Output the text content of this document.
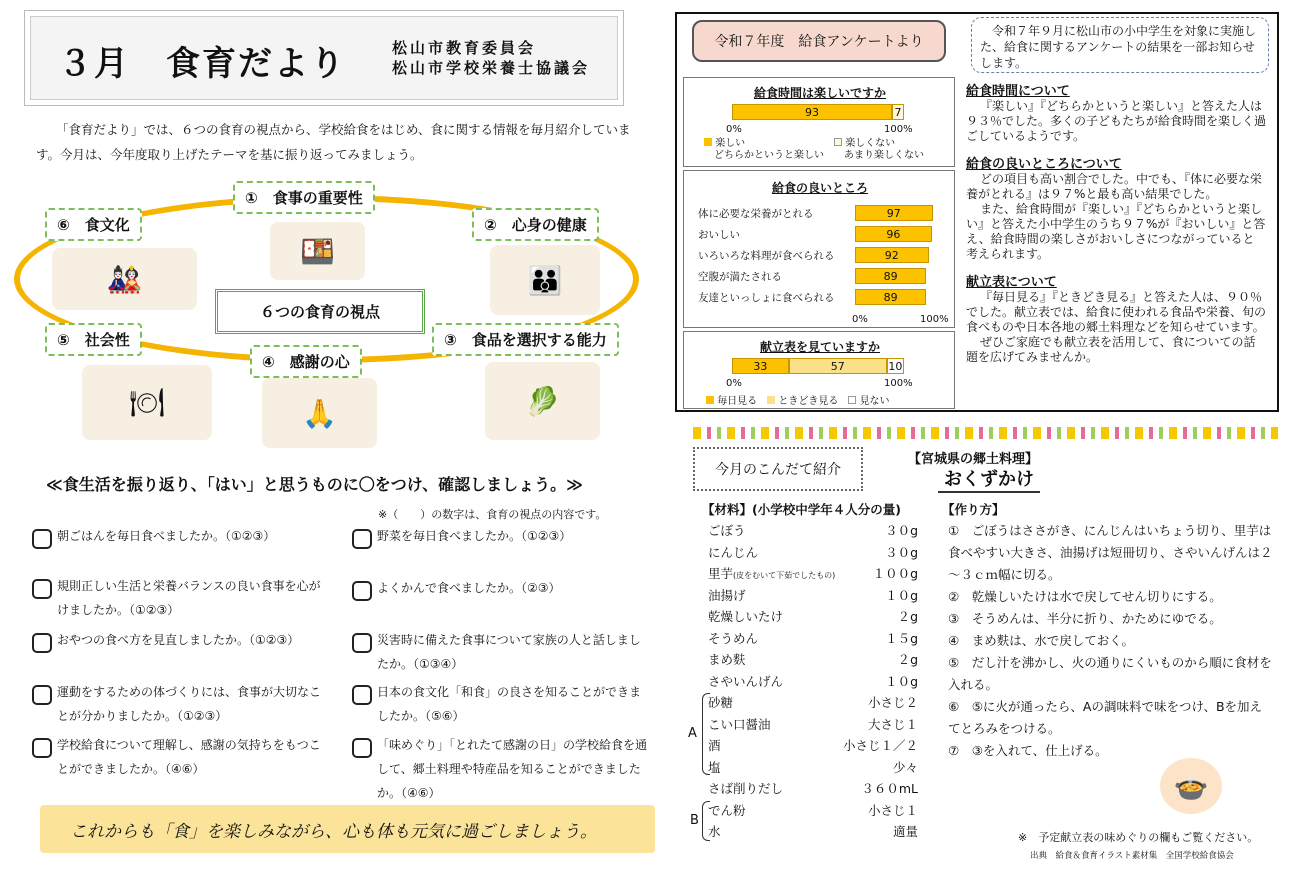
３月　食育だより	松山市教育委員会
松山市学校栄養士協議会
「食育だより」では、６つの食育の視点から、学校給食をはじめ、食に関する情報を毎月紹介しています。今月は、今年度取り上げたテーマを基に振り返ってみましょう。
６つの食育の視点
①　食事の重要性
②　心身の健康
③　食品を選択する能力
④　感謝の心
⑤　社会性
⑥　食文化
🍱
👪
🥬
🙏
🍽
🎎
≪食生活を振り返り、「はい」と思うものに〇をつけ、確認しましょう。≫
※（　　）の数字は、食育の視点の内容です。
朝ごはんを毎日食べましたか。（①②③）
規則正しい生活と栄養バランスの良い食事を心がけましたか。（①②③）
おやつの食べ方を見直しましたか。（①②③）
運動をするための体づくりには、食事が大切なことが分かりましたか。（①②③）
学校給食について理解し、感謝の気持ちをもつことができましたか。（④⑥）
野菜を毎日食べましたか。（①②③）
よくかんで食べましたか。（②③）
災害時に備えた食事について家族の人と話しましたか。（①③④）
日本の食文化「和食」の良さを知ることができましたか。（⑤⑥）
「味めぐり」「とれたて感謝の日」の学校給食を通して、郷土料理や特産品を知ることができましたか。（④⑥）
これからも「食」を楽しみながら、心も体も元気に過ごしましょう。
令和７年度　給食アンケートより
令和７年９月に松山市の小中学生を対象に実施した、給食に関するアンケートの結果を一部お知らせします。
給食時間は楽しいですか
93	7
0%	100%
楽しい
　どちらかというと楽しい
楽しくない
　あまり楽しくない
給食の良いところ
体に必要な栄養がとれる	97
おいしい	96
いろいろな料理が食べられる	92
空腹が満たされる	89
友達といっしょに食べられる	89
0%	100%
献立表を見ていますか
33	57	10
0%	100%
毎日見る　 ときどき見る　 見ない
給食時間について
『楽しい』『どちらかというと楽しい』と答えた人は９３％でした。多くの子どもたちが給食時間を楽しく過ごしているようです。
給食の良いところについて
どの項目も高い割合でした。中でも、『体に必要な栄養がとれる』は９７%と最も高い結果でした。
また、給食時間が『楽しい』『どちらかというと楽しい』と答えた小中学生のうち９７%が『おいしい』と答え、給食時間の楽しさがおいしさにつながっていると考えられます。
献立表について
『毎日見る』『ときどき見る』と答えた人は、９０％でした。献立表では、給食に使われる食品や栄養、旬の食べものや日本各地の郷土料理などを知らせています。
ぜひご家庭でも献立表を活用して、食についての話題を広げてみませんか。
今月のこんだて紹介
【宮城県の郷土料理】
おくずかけ
【材料】(小学校中学年４人分の量)
ごぼう	３０g
にんじん	３０g
里芋(皮をむいて下茹でしたもの)	１００g
油揚げ	１０g
乾燥しいたけ	２g
そうめん	１５g
まめ麩	２g
さやいんげん	１０g
砂糖	小さじ２
こい口醤油	大さじ１
酒	小さじ１／２
塩	少々
さば削りだし	３６０mL
でん粉	小さじ１
水	適量
A
B
【作り方】
①　ごぼうはささがき、にんじんはいちょう切り、里芋は食べやすい大きさ、油揚げは短冊切り、さやいんげんは２～３ｃｍ幅に切る。
②　乾燥しいたけは水で戻してせん切りにする。
③　そうめんは、半分に折り、かためにゆでる。
④　まめ麩は、水で戻しておく。
⑤　だし汁を沸かし、火の通りにくいものから順に食材を入れる。
⑥　⑤に火が通ったら、Aの調味料で味をつけ、Bを加えてとろみをつける。
⑦　③を入れて、仕上げる。
🍲
※　予定献立表の味めぐりの欄もご覧ください。
出典　給食＆食育イラスト素材集　全国学校給食協会
